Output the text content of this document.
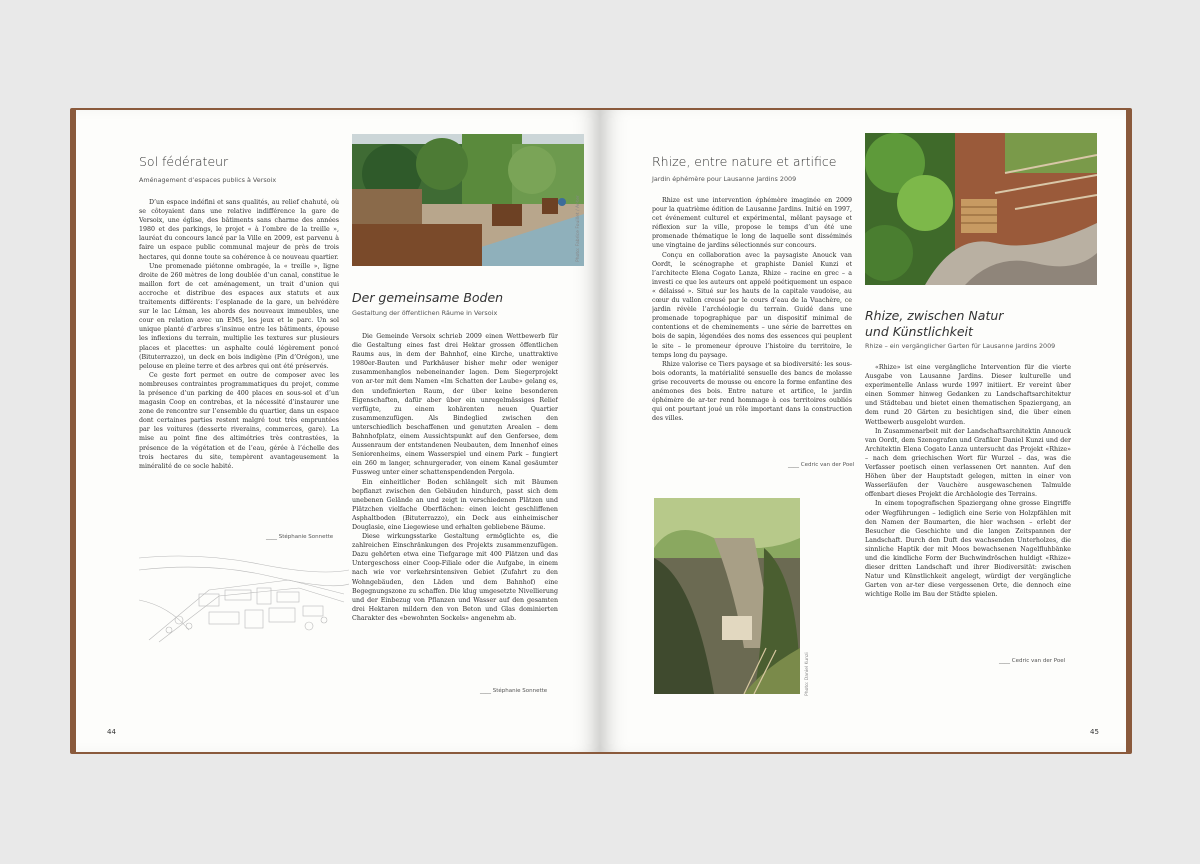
Sol fédérateur
Aménagement d’espaces publics à Versoix

D’un espace indéfini et sans qualités, au relief chahuté, où se côtoyaient dans une relative indifférence la gare de Versoix, une église, des bâtiments sans charme des années 1980 et des parkings, le projet « à l’ombre de la treille », lauréat du concours lancé par la Ville en 2009, est parvenu à faire un espace public communal majeur de près de trois hectares, qui donne toute sa cohérence à ce nouveau quartier.

Une promenade piétonne ombragée, la « treille », ligne droite de 260 mètres de long doublée d’un canal, constitue le maillon fort de cet aménagement, un trait d’union qui accroche et distribue des espaces aux statuts et aux traitements différents: l’esplanade de la gare, un belvédère sur le lac Léman, les abords des nouveaux immeubles, une cour en relation avec un EMS, les jeux et le parc. Un sol unique planté d’arbres s’insinue entre les bâtiments, épouse les inflexions du terrain, multiplie les textures sur plusieurs places et placettes: un asphalte coulé légèrement poncé (Bituterrazzo), un deck en bois indigène (Pin d’Orégon), une pelouse en pleine terre et des arbres qui ont été préservés.

Ce geste fort permet en outre de composer avec les nombreuses contraintes programmatiques du projet, comme la présence d’un parking de 400 places en sous-sol et d’un magasin Coop en contrebas, et la nécessité d’instaurer une zone de rencontre sur l’ensemble du quartier, dans un espace dont certaines parties restent malgré tout très empruntées par les voitures (desserte riverains, commerces, gare). La mise au point fine des altimétries très contrastées, la présence de la végétation et de l’eau, gérée à l’échelle des trois hectares du site, tempèrent avantageusement la minéralité de ce socle habité.

____ Stéphanie Sonnette
Photo: Fabrice Fouillet / Ar-ter
Der gemeinsame Boden
Gestaltung der öffentlichen Räume in Versoix

Die Gemeinde Versoix schrieb 2009 einen Wettbewerb für die Gestaltung eines fast drei Hektar grossen öffentlichen Raums aus, in dem der Bahnhof, eine Kirche, unattraktive 1980er-Bauten und Parkhäuser bisher mehr oder weniger zusammenhanglos nebeneinander lagen. Dem Siegerprojekt von ar-ter mit dem Namen «Im Schatten der Laube» gelang es, den undefinierten Raum, der über keine besonderen Eigenschaften, dafür aber über ein unregelmässiges Relief verfügte, zu einem kohärenten neuen Quartier zusammenzufügen. Als Bindeglied zwischen den unterschiedlich beschaffenen und genutzten Arealen – dem Bahnhofplatz, einem Aussichtspunkt auf den Genfersee, dem Aussenraum der entstandenen Neubauten, dem Innenhof eines Seniorenheims, einem Wasserspiel und einem Park – fungiert ein 260 m langer, schnurgerader, von einem Kanal gesäumter Fussweg unter einer schattenspendenden Pergola.

Ein einheitlicher Boden schlängelt sich mit Bäumen bepflanzt zwischen den Gebäuden hindurch, passt sich dem unebenen Gelände an und zeigt in verschiedenen Plätzen und Plätzchen vielfache Oberflächen: einen leicht geschliffenen Asphaltboden (Bituterrazzo), ein Deck aus einheimischer Douglasie, eine Liegewiese und erhalten gebliebene Bäume.

Diese wirkungsstarke Gestaltung ermöglichte es, die zahlreichen Einschränkungen des Projekts zusammenzufügen. Dazu gehörten etwa eine Tiefgarage mit 400 Plätzen und das Untergeschoss einer Coop-Filiale oder die Aufgabe, in einem nach wie vor verkehrsintensiven Gebiet (Zufahrt zu den Wohngebäuden, den Läden und dem Bahnhof) eine Begegnungszone zu schaffen. Die klug umgesetzte Nivellierung und der Einbezug von Pflanzen und Wasser auf den gesamten drei Hektaren mildern den von Beton und Glas dominierten Charakter des «bewohnten Sockels» angenehm ab.

____ Stéphanie Sonnette
44
Rhize, entre nature et artifice
Jardin éphémère pour Lausanne Jardins 2009

Rhize est une intervention éphémère imaginée en 2009 pour la quatrième édition de Lausanne Jardins. Initié en 1997, cet événement culturel et expérimental, mêlant paysage et réflexion sur la ville, propose le temps d’un été une promenade thématique le long de laquelle sont disséminés une vingtaine de jardins sélectionnés sur concours.

Conçu en collaboration avec la paysagiste Anouck van Oordt, le scénographe et graphiste Daniel Kunzi et l’architecte Elena Cogato Lanza, Rhize – racine en grec – a investi ce que les auteurs ont appelé poétiquement un espace « délaissé ». Situé sur les hauts de la capitale vaudoise, au cœur du vallon creusé par le cours d’eau de la Vuachère, ce jardin révèle l’archéologie du terrain. Guidé dans une promenade topographique par un dispositif minimal de contentions et de cheminements – une série de barrettes en bois de sapin, légendées des noms des essences qui peuplent le site – le promeneur éprouve l’histoire du territoire, le temps long du paysage.

Rhize valorise ce Tiers paysage et sa biodiversité: les sous-bois odorants, la matérialité sensuelle des bancs de molasse grise recouverts de mousse ou encore la forme enfantine des anémones des bois. Entre nature et artifice, le jardin éphémère de ar-ter rend hommage à ces territoires oubliés qui ont pourtant joué un rôle important dans la construction des villes.

____ Cedric van der Poel
Rhize, zwischen Natur
und Künstlichkeit
Rhize – ein vergänglicher Garten für Lausanne Jardins 2009

«Rhize» ist eine vergängliche Intervention für die vierte Ausgabe von Lausanne Jardins. Dieser kulturelle und experimentelle Anlass wurde 1997 initiiert. Er vereint über einen Sommer hinweg Gedanken zu Landschaftsarchitektur und Städtebau und bietet einen thematischen Spaziergang, an dem rund 20 Gärten zu besichtigen sind, die über einen Wettbewerb ausgelobt wurden.

In Zusammenarbeit mit der Landschaftsarchitektin Annouck van Oordt, dem Szenografen und Grafiker Daniel Kunzi und der Architektin Elena Cogato Lanza untersucht das Projekt «Rhize» – nach dem griechischen Wort für Wurzel – das, was die Verfasser poetisch einen verlassenen Ort nannten. Auf den Höhen über der Hauptstadt gelegen, mitten in einer von Wasserläufen der Vauchère ausgewaschenen Talmulde offenbart dieses Projekt die Archäologie des Terrains.

In einem topografischen Spaziergang ohne grosse Eingriffe oder Wegführungen – lediglich eine Serie von Holzpfählen mit den Namen der Baumarten, die hier wachsen – erlebt der Besucher die Geschichte und die langen Zeitspannen der Landschaft. Durch den Duft des wachsenden Unterholzes, die sinnliche Haptik der mit Moos bewachsenen Nagelfluhbänke und die kindliche Form der Buchwindröschen huldigt «Rhize» dieser dritten Landschaft und ihrer Biodiversität: zwischen Natur und Künstlichkeit angelegt, würdigt der vergängliche Garten von ar-ter diese vergessenen Orte, die dennoch eine wichtige Rolle im Bau der Städte spielen.

____ Cedric van der Poel
Photo: Daniel Kunzi
45
